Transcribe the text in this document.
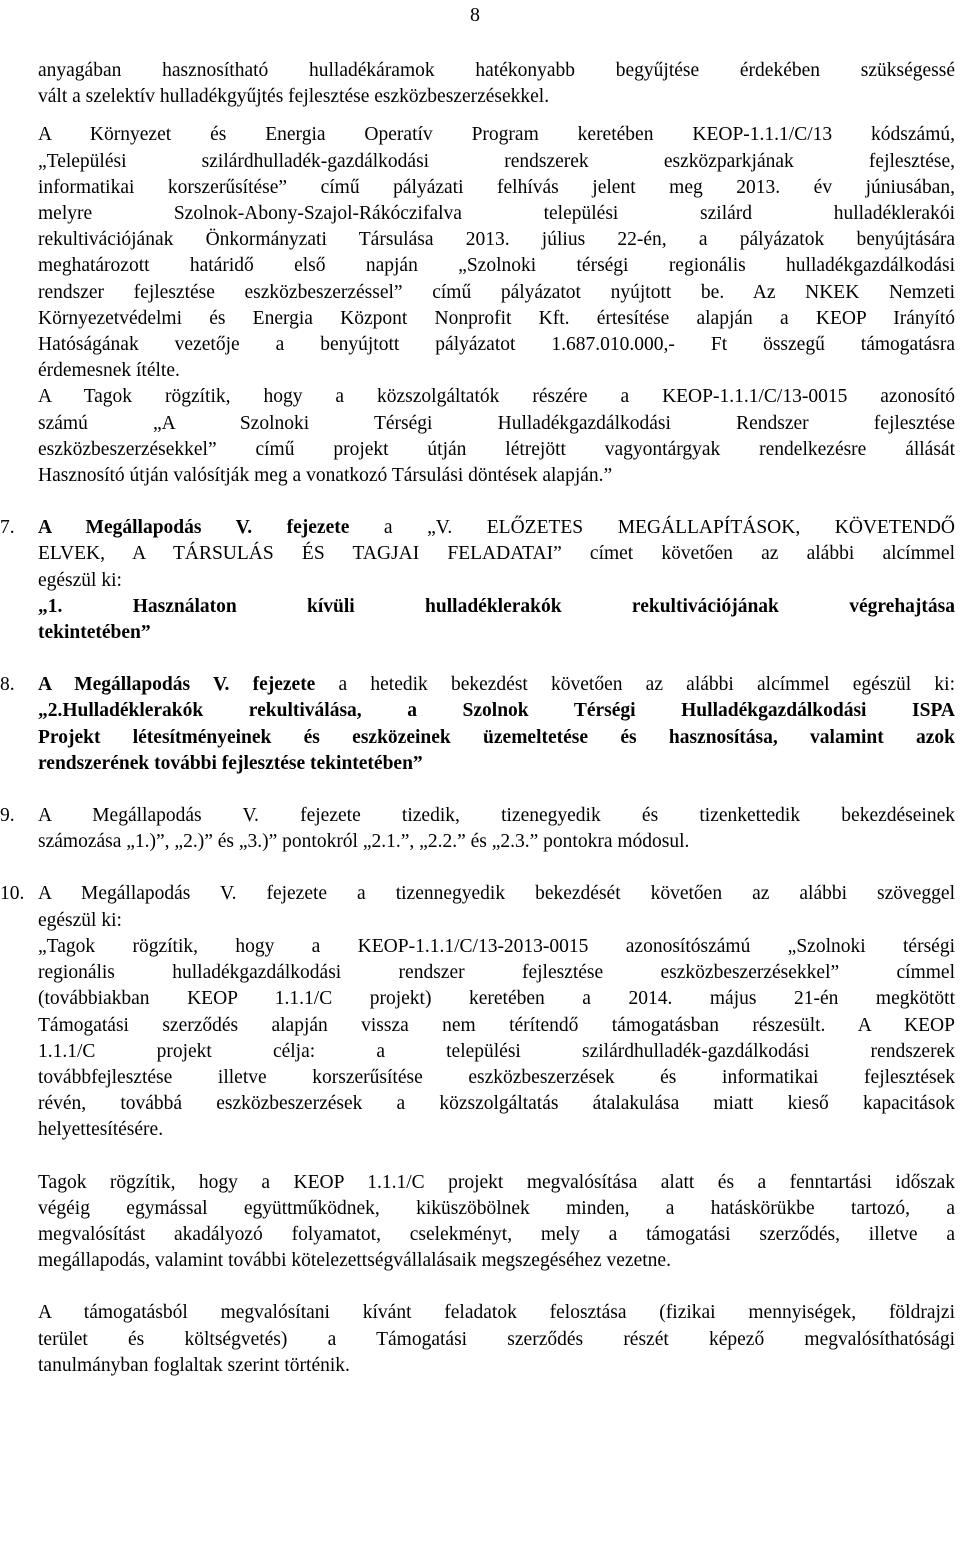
8

anyagában hasznosítható hulladékáramok hatékonyabb begyűjtése érdekében szükségessé

vált a szelektív hulladékgyűjtés fejlesztése eszközbeszerzésekkel.

A Környezet és Energia Operatív Program keretében KEOP-1.1.1/C/13 kódszámú,

„Települési szilárdhulladék-gazdálkodási rendszerek eszközparkjának fejlesztése,

informatikai korszerűsítése” című pályázati felhívás jelent meg 2013. év júniusában,

melyre Szolnok-Abony-Szajol-Rákóczifalva települési szilárd hulladéklerakói

rekultivációjának Önkormányzati Társulása 2013. július 22-én, a pályázatok benyújtására

meghatározott határidő első napján „Szolnoki térségi regionális hulladékgazdálkodási

rendszer fejlesztése eszközbeszerzéssel” című pályázatot nyújtott be. Az NKEK Nemzeti

Környezetvédelmi és Energia Központ Nonprofit Kft. értesítése alapján a KEOP Irányító

Hatóságának vezetője a benyújtott pályázatot 1.687.010.000,- Ft összegű támogatásra

érdemesnek ítélte.

A Tagok rögzítik, hogy a közszolgáltatók részére a KEOP-1.1.1/C/13-0015 azonosító

számú „A Szolnoki Térségi Hulladékgazdálkodási Rendszer fejlesztése

eszközbeszerzésekkel” című projekt útján létrejött vagyontárgyak rendelkezésre állását

Hasznosító útján valósítják meg a vonatkozó Társulási döntések alapján.”

7.	A Megállapodás V. fejezete a „V. ELŐZETES MEGÁLLAPÍTÁSOK, KÖVETENDŐ

ELVEK, A TÁRSULÁS ÉS TAGJAI FELADATAI” címet követően az alábbi alcímmel

egészül ki:

„1. Használaton kívüli hulladéklerakók rekultivációjának végrehajtása

tekintetében”

8.	A Megállapodás V. fejezete a hetedik bekezdést követően az alábbi alcímmel egészül ki:

„2.Hulladéklerakók rekultiválása, a Szolnok Térségi Hulladékgazdálkodási ISPA

Projekt létesítményeinek és eszközeinek üzemeltetése és hasznosítása, valamint azok

rendszerének további fejlesztése tekintetében”

9.	A Megállapodás V. fejezete tizedik, tizenegyedik és tizenkettedik bekezdéseinek

számozása „1.)”, „2.)” és „3.)” pontokról „2.1.”, „2.2.” és „2.3.” pontokra módosul.

10. A Megállapodás V. fejezete a tizennegyedik bekezdését követően az alábbi szöveggel

egészül ki:

„Tagok rögzítik, hogy a KEOP-1.1.1/C/13-2013-0015 azonosítószámú „Szolnoki térségi

regionális hulladékgazdálkodási rendszer fejlesztése eszközbeszerzésekkel” címmel

(továbbiakban KEOP 1.1.1/C projekt) keretében a 2014. május 21-én megkötött

Támogatási szerződés alapján vissza nem térítendő támogatásban részesült. A KEOP

1.1.1/C projekt célja: a települési szilárdhulladék-gazdálkodási rendszerek

továbbfejlesztése illetve korszerűsítése eszközbeszerzések és informatikai fejlesztések

révén, továbbá eszközbeszerzések a közszolgáltatás átalakulása miatt kieső kapacitások

helyettesítésére.

Tagok rögzítik, hogy a KEOP 1.1.1/C projekt megvalósítása alatt és a fenntartási időszak

végéig egymással együttműködnek, kiküszöbölnek minden, a hatáskörükbe tartozó, a

megvalósítást akadályozó folyamatot, cselekményt, mely a támogatási szerződés, illetve a

megállapodás, valamint további kötelezettségvállalásaik megszegéséhez vezetne.

A támogatásból megvalósítani kívánt feladatok felosztása (fizikai mennyiségek, földrajzi

terület és költségvetés) a Támogatási szerződés részét képező megvalósíthatósági

tanulmányban foglaltak szerint történik.
